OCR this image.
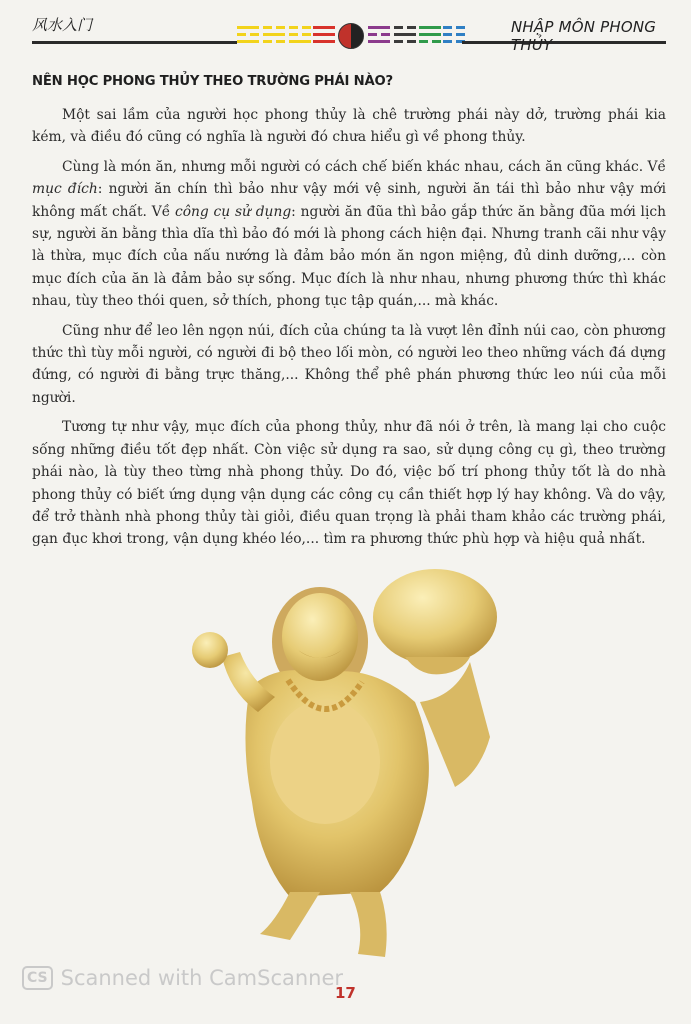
风水入门	NHẬP MÔN PHONG THỦY
NÊN HỌC PHONG THỦY THEO TRƯỜNG PHÁI NÀO?

Một sai lầm của người học phong thủy là chê trường phái này dở, trường phái kia kém, và điều đó cũng có nghĩa là người đó chưa hiểu gì về phong thủy.

Cùng là món ăn, nhưng mỗi người có cách chế biến khác nhau, cách ăn cũng khác. Về mục đích: người ăn chín thì bảo như vậy mới vệ sinh, người ăn tái thì bảo như vậy mới không mất chất. Về công cụ sử dụng: người ăn đũa thì bảo gắp thức ăn bằng đũa mới lịch sự, người ăn bằng thìa dĩa thì bảo đó mới là phong cách hiện đại. Nhưng tranh cãi như vậy là thừa, mục đích của nấu nướng là đảm bảo món ăn ngon miệng, đủ dinh dưỡng,... còn mục đích của ăn là đảm bảo sự sống. Mục đích là như nhau, nhưng phương thức thì khác nhau, tùy theo thói quen, sở thích, phong tục tập quán,... mà khác.

Cũng như để leo lên ngọn núi, đích của chúng ta là vượt lên đỉnh núi cao, còn phương thức thì tùy mỗi người, có người đi bộ theo lối mòn, có người leo theo những vách đá dựng đứng, có người đi bằng trực thăng,... Không thể phê phán phương thức leo núi của mỗi người.

Tương tự như vậy, mục đích của phong thủy, như đã nói ở trên, là mang lại cho cuộc sống những điều tốt đẹp nhất. Còn việc sử dụng ra sao, sử dụng công cụ gì, theo trường phái nào, là tùy theo từng nhà phong thủy. Do đó, việc bố trí phong thủy tốt là do nhà phong thủy có biết ứng dụng vận dụng các công cụ cần thiết hợp lý hay không. Và do vậy, để trở thành nhà phong thủy tài giỏi, điều quan trọng là phải tham khảo các trường phái, gạn đục khơi trong, vận dụng khéo léo,... tìm ra phương thức phù hợp và hiệu quả nhất.

CS Scanned with CamScanner
17
